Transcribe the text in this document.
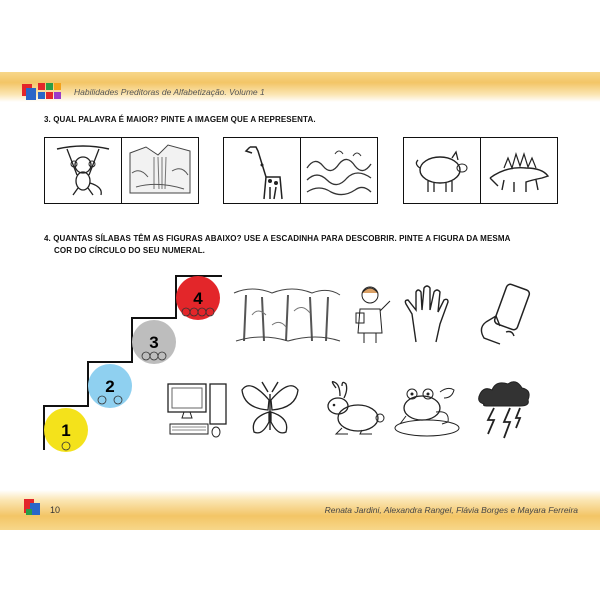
Habilidades Preditoras de Alfabetização. Volume 1
3. QUAL PALAVRA É MAIOR? PINTE A IMAGEM QUE A REPRESENTA.
4. QUANTAS SÍLABAS TÊM AS FIGURAS ABAIXO? USE A ESCADINHA PARA DESCOBRIR. PINTE A FIGURA DA MESMA
COR DO CÍRCULO DO SEU NUMERAL.
1
2
3
4
10	Renata Jardini, Alexandra Rangel, Flávia Borges e Mayara Ferreira
